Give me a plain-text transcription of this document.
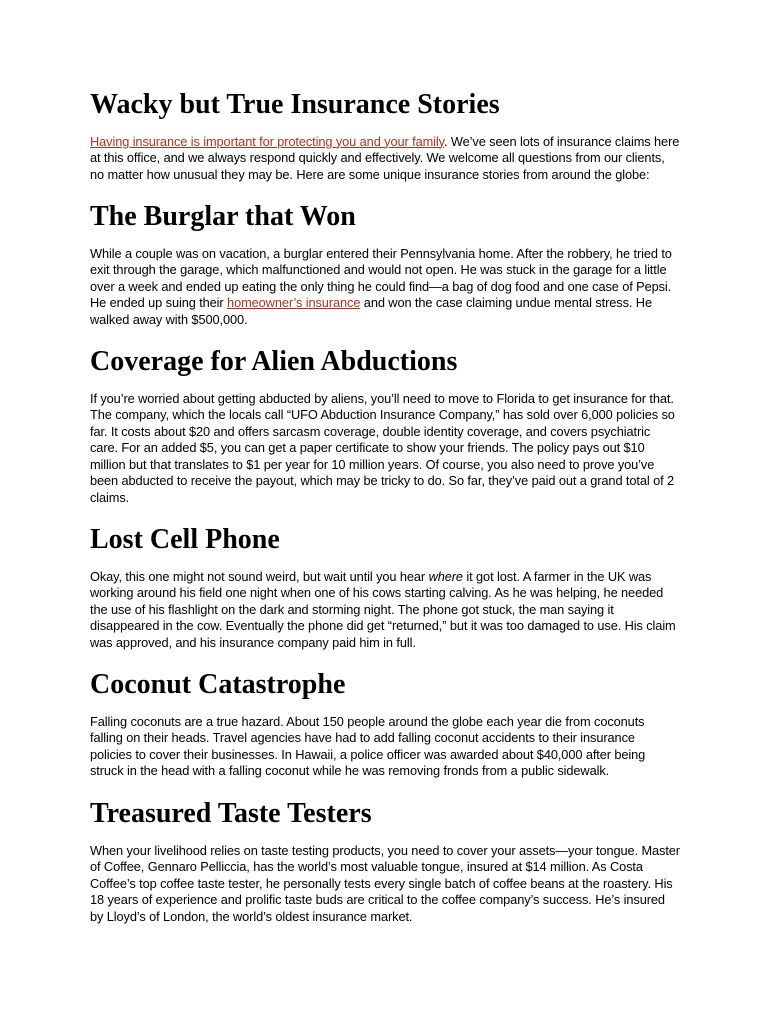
Wacky but True Insurance Stories

Having insurance is important for protecting you and your family. We’ve seen lots of insurance claims here at this office, and we always respond quickly and effectively. We welcome all questions from our clients, no matter how unusual they may be. Here are some unique insurance stories from around the globe:

The Burglar that Won

While a couple was on vacation, a burglar entered their Pennsylvania home. After the robbery, he tried to exit through the garage, which malfunctioned and would not open. He was stuck in the garage for a little over a week and ended up eating the only thing he could find—a bag of dog food and one case of Pepsi. He ended up suing their homeowner’s insurance and won the case claiming undue mental stress. He walked away with $500,000.

Coverage for Alien Abductions

If you’re worried about getting abducted by aliens, you’ll need to move to Florida to get insurance for that. The company, which the locals call “UFO Abduction Insurance Company,” has sold over 6,000 policies so far. It costs about $20 and offers sarcasm coverage, double identity coverage, and covers psychiatric care. For an added $5, you can get a paper certificate to show your friends. The policy pays out $10 million but that translates to $1 per year for 10 million years. Of course, you also need to prove you’ve been abducted to receive the payout, which may be tricky to do. So far, they’ve paid out a grand total of 2 claims.

Lost Cell Phone

Okay, this one might not sound weird, but wait until you hear where it got lost. A farmer in the UK was working around his field one night when one of his cows starting calving. As he was helping, he needed the use of his flashlight on the dark and storming night. The phone got stuck, the man saying it disappeared in the cow. Eventually the phone did get “returned,” but it was too damaged to use. His claim was approved, and his insurance company paid him in full.

Coconut Catastrophe

Falling coconuts are a true hazard. About 150 people around the globe each year die from coconuts falling on their heads. Travel agencies have had to add falling coconut accidents to their insurance policies to cover their businesses. In Hawaii, a police officer was awarded about $40,000 after being struck in the head with a falling coconut while he was removing fronds from a public sidewalk.

Treasured Taste Testers

When your livelihood relies on taste testing products, you need to cover your assets—your tongue. Master of Coffee, Gennaro Pelliccia, has the world’s most valuable tongue, insured at $14 million. As Costa Coffee’s top coffee taste tester, he personally tests every single batch of coffee beans at the roastery. His 18 years of experience and prolific taste buds are critical to the coffee company’s success. He’s insured by Lloyd’s of London, the world’s oldest insurance market.
